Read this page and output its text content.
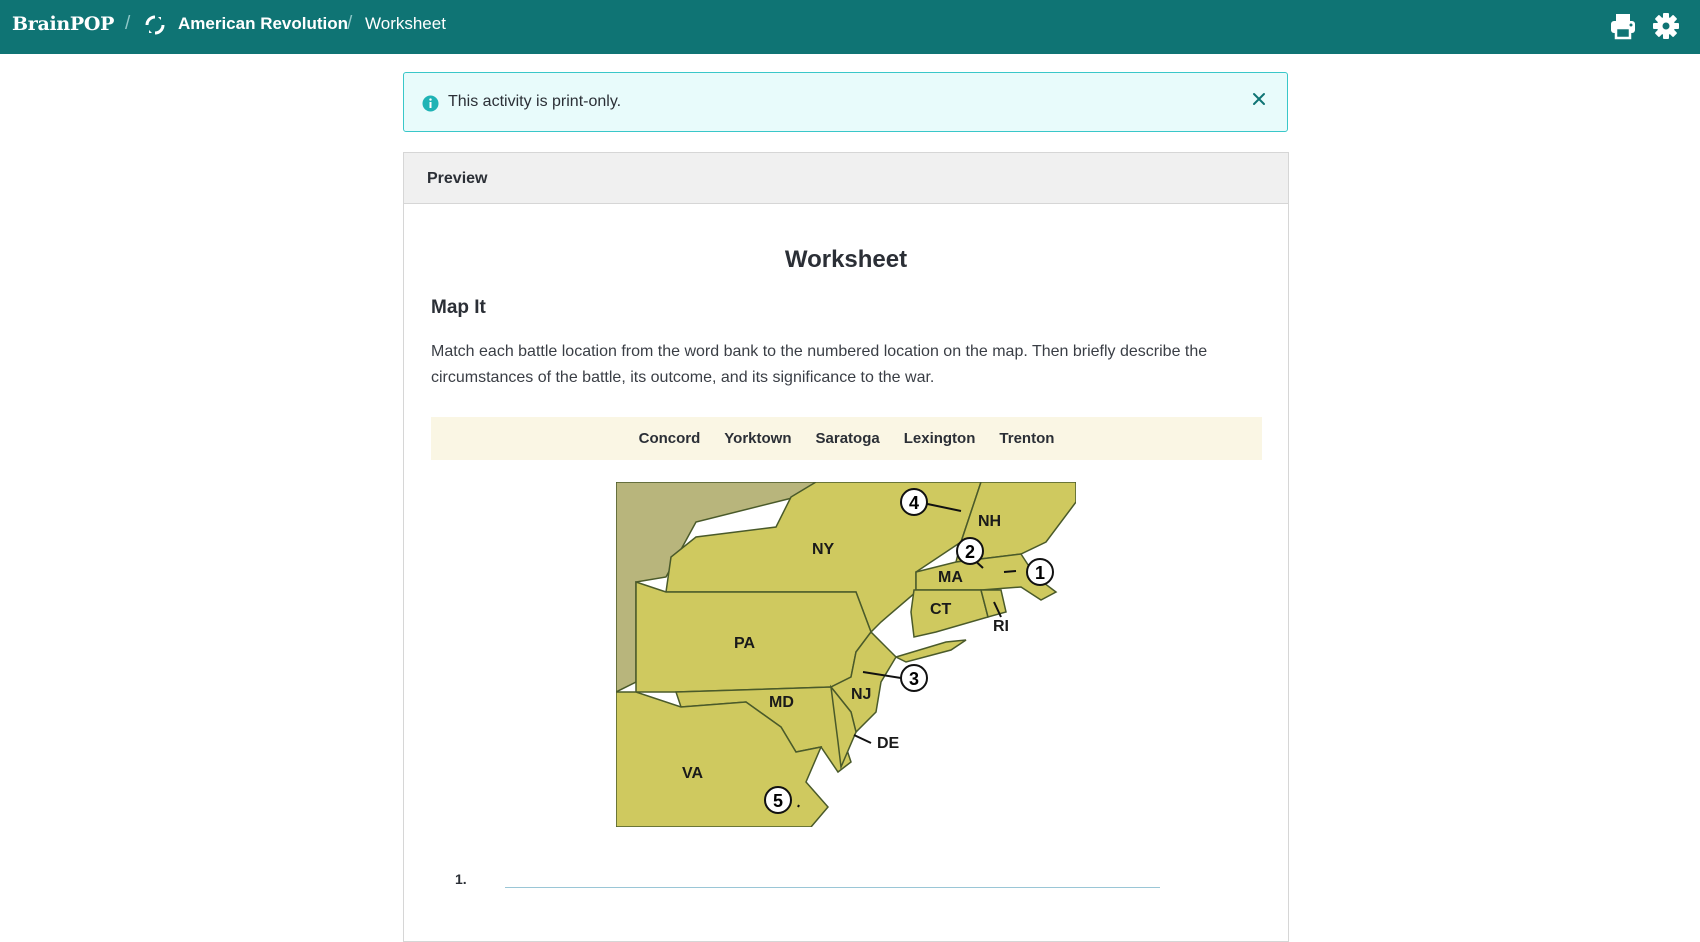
BrainPOP /	American Revolution
/ Worksheet
This activity is print-only.
Preview
Worksheet
Map It
Match each battle location from the word bank to the numbered location on the map. Then briefly describe the circumstances of the battle, its outcome, and its significance to the war.
Concord Yorktown Saratoga Lexington Trenton
NY
NH
MA
CT
RI
PA
NJ
MD
DE
VA
4
2
1
3
5
1.
